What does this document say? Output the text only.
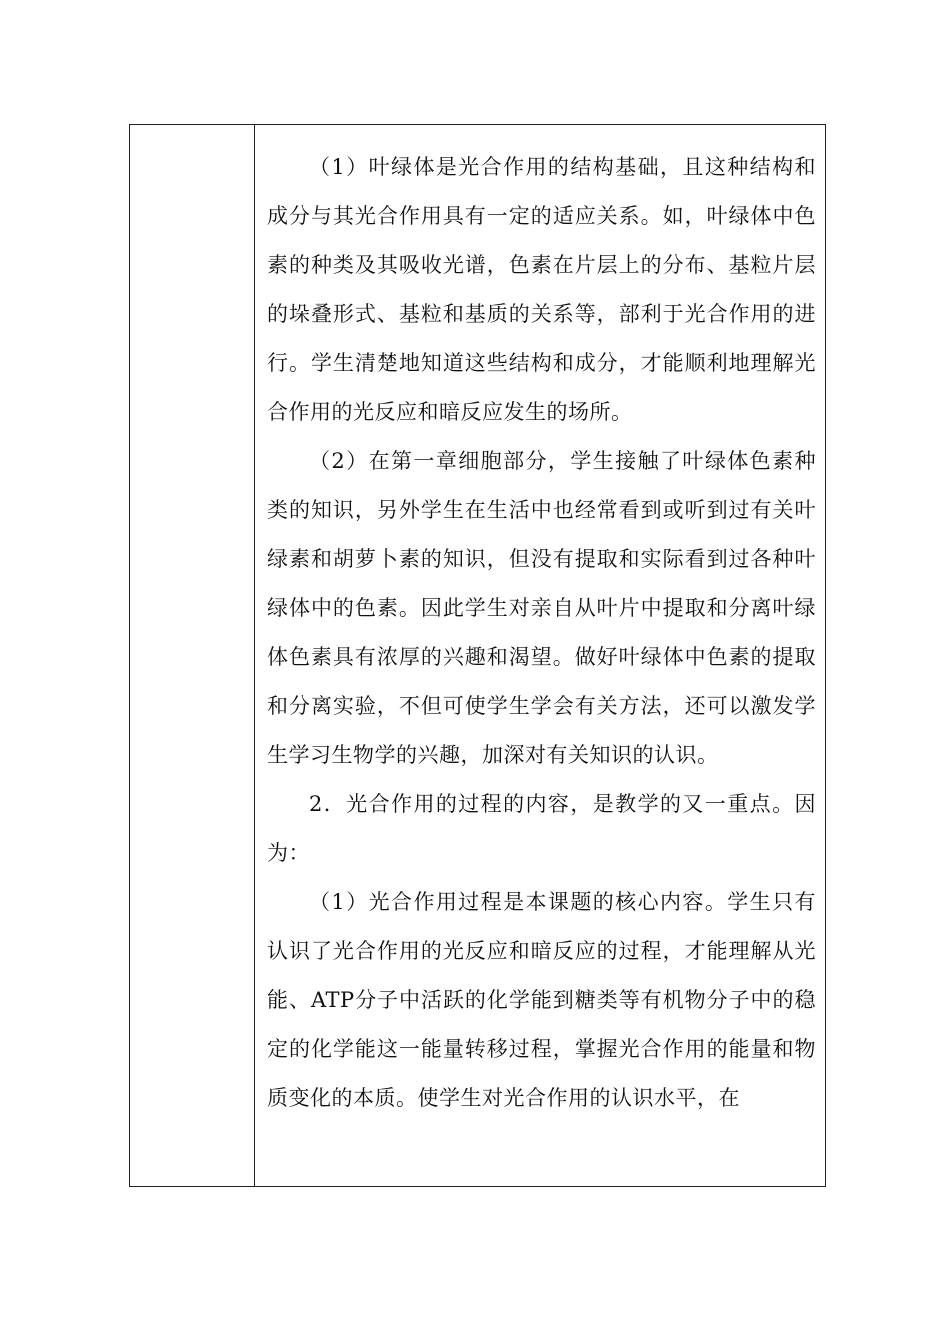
（1）叶绿体是光合作用的结构基础，且这种结构和成分与其光合作用具有一定的适应关系。如，叶绿体中色素的种类及其吸收光谱，色素在片层上的分布、基粒片层的垛叠形式、基粒和基质的关系等，部利于光合作用的进行。学生清楚地知道这些结构和成分，才能顺利地理解光合作用的光反应和暗反应发生的场所。

（2）在第一章细胞部分，学生接触了叶绿体色素种类的知识，另外学生在生活中也经常看到或听到过有关叶绿素和胡萝卜素的知识，但没有提取和实际看到过各种叶绿体中的色素。因此学生对亲自从叶片中提取和分离叶绿体色素具有浓厚的兴趣和渴望。做好叶绿体中色素的提取和分离实验，不但可使学生学会有关方法，还可以激发学生学习生物学的兴趣，加深对有关知识的认识。

2．光合作用的过程的内容，是教学的又一重点。因为：

（1）光合作用过程是本课题的核心内容。学生只有认识了光合作用的光反应和暗反应的过程，才能理解从光能、ATP分子中活跃的化学能到糖类等有机物分子中的稳定的化学能这一能量转移过程，掌握光合作用的能量和物质变化的本质。使学生对光合作用的认识水平，在
